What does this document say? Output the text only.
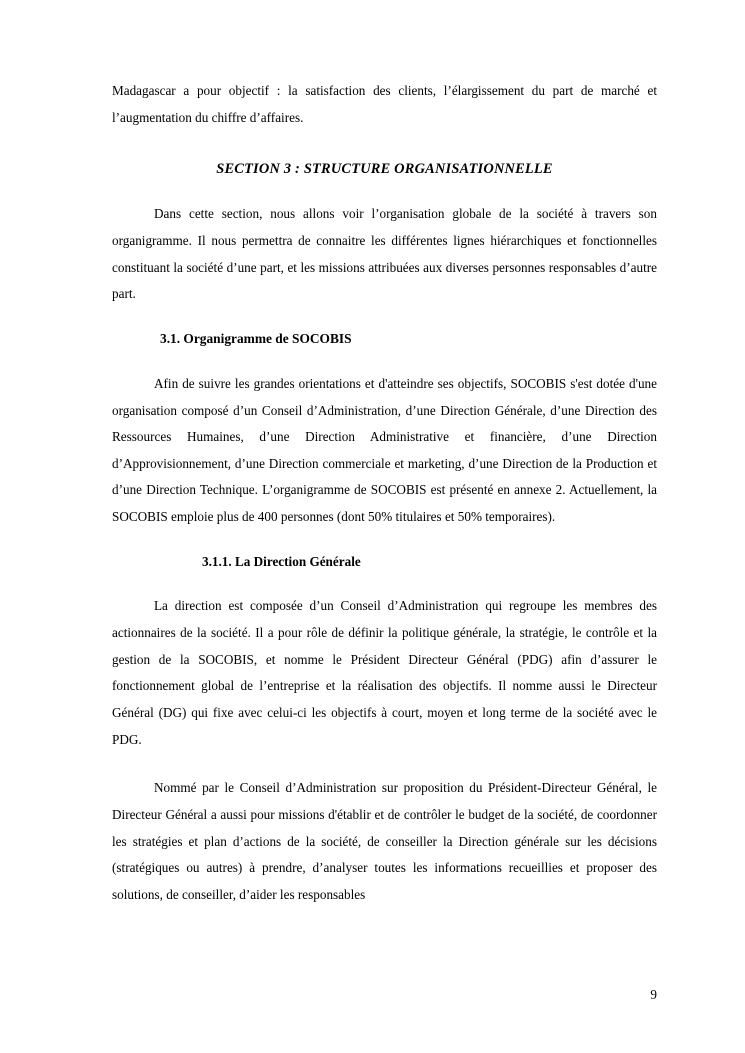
Madagascar a pour objectif : la satisfaction des clients, l’élargissement du part de marché et l’augmentation du chiffre d’affaires.

SECTION 3 : STRUCTURE ORGANISATIONNELLE

Dans cette section, nous allons voir l’organisation globale de la société à travers son organigramme. Il nous permettra de connaitre les différentes lignes hiérarchiques et fonctionnelles constituant la société d’une part, et les missions attribuées aux diverses personnes responsables d’autre part.

3.1. Organigramme de SOCOBIS

Afin de suivre les grandes orientations et d'atteindre ses objectifs, SOCOBIS s'est dotée d'une organisation composé d’un Conseil d’Administration, d’une Direction Générale, d’une Direction des Ressources Humaines, d’une Direction Administrative et financière, d’une Direction d’Approvisionnement, d’une Direction commerciale et marketing, d’une Direction de la Production et d’une Direction Technique. L’organigramme de SOCOBIS est présenté en annexe 2. Actuellement, la SOCOBIS emploie plus de 400 personnes (dont 50% titulaires et 50% temporaires).

3.1.1. La Direction Générale

La direction est composée d’un Conseil d’Administration qui regroupe les membres des actionnaires de la société. Il a pour rôle de définir la politique générale, la stratégie, le contrôle et la gestion de la SOCOBIS, et nomme le Président Directeur Général (PDG) afin d’assurer le fonctionnement global de l’entreprise et la réalisation des objectifs. Il nomme aussi le Directeur Général (DG) qui fixe avec celui-ci les objectifs à court, moyen et long terme de la société avec le PDG.

Nommé par le Conseil d’Administration sur proposition du Président-Directeur Général, le Directeur Général a aussi pour missions d'établir et de contrôler le budget de la société, de coordonner les stratégies et plan d’actions de la société, de conseiller la Direction générale sur les décisions (stratégiques ou autres) à prendre, d’analyser toutes les informations recueillies et proposer des solutions, de conseiller, d’aider les responsables

9
